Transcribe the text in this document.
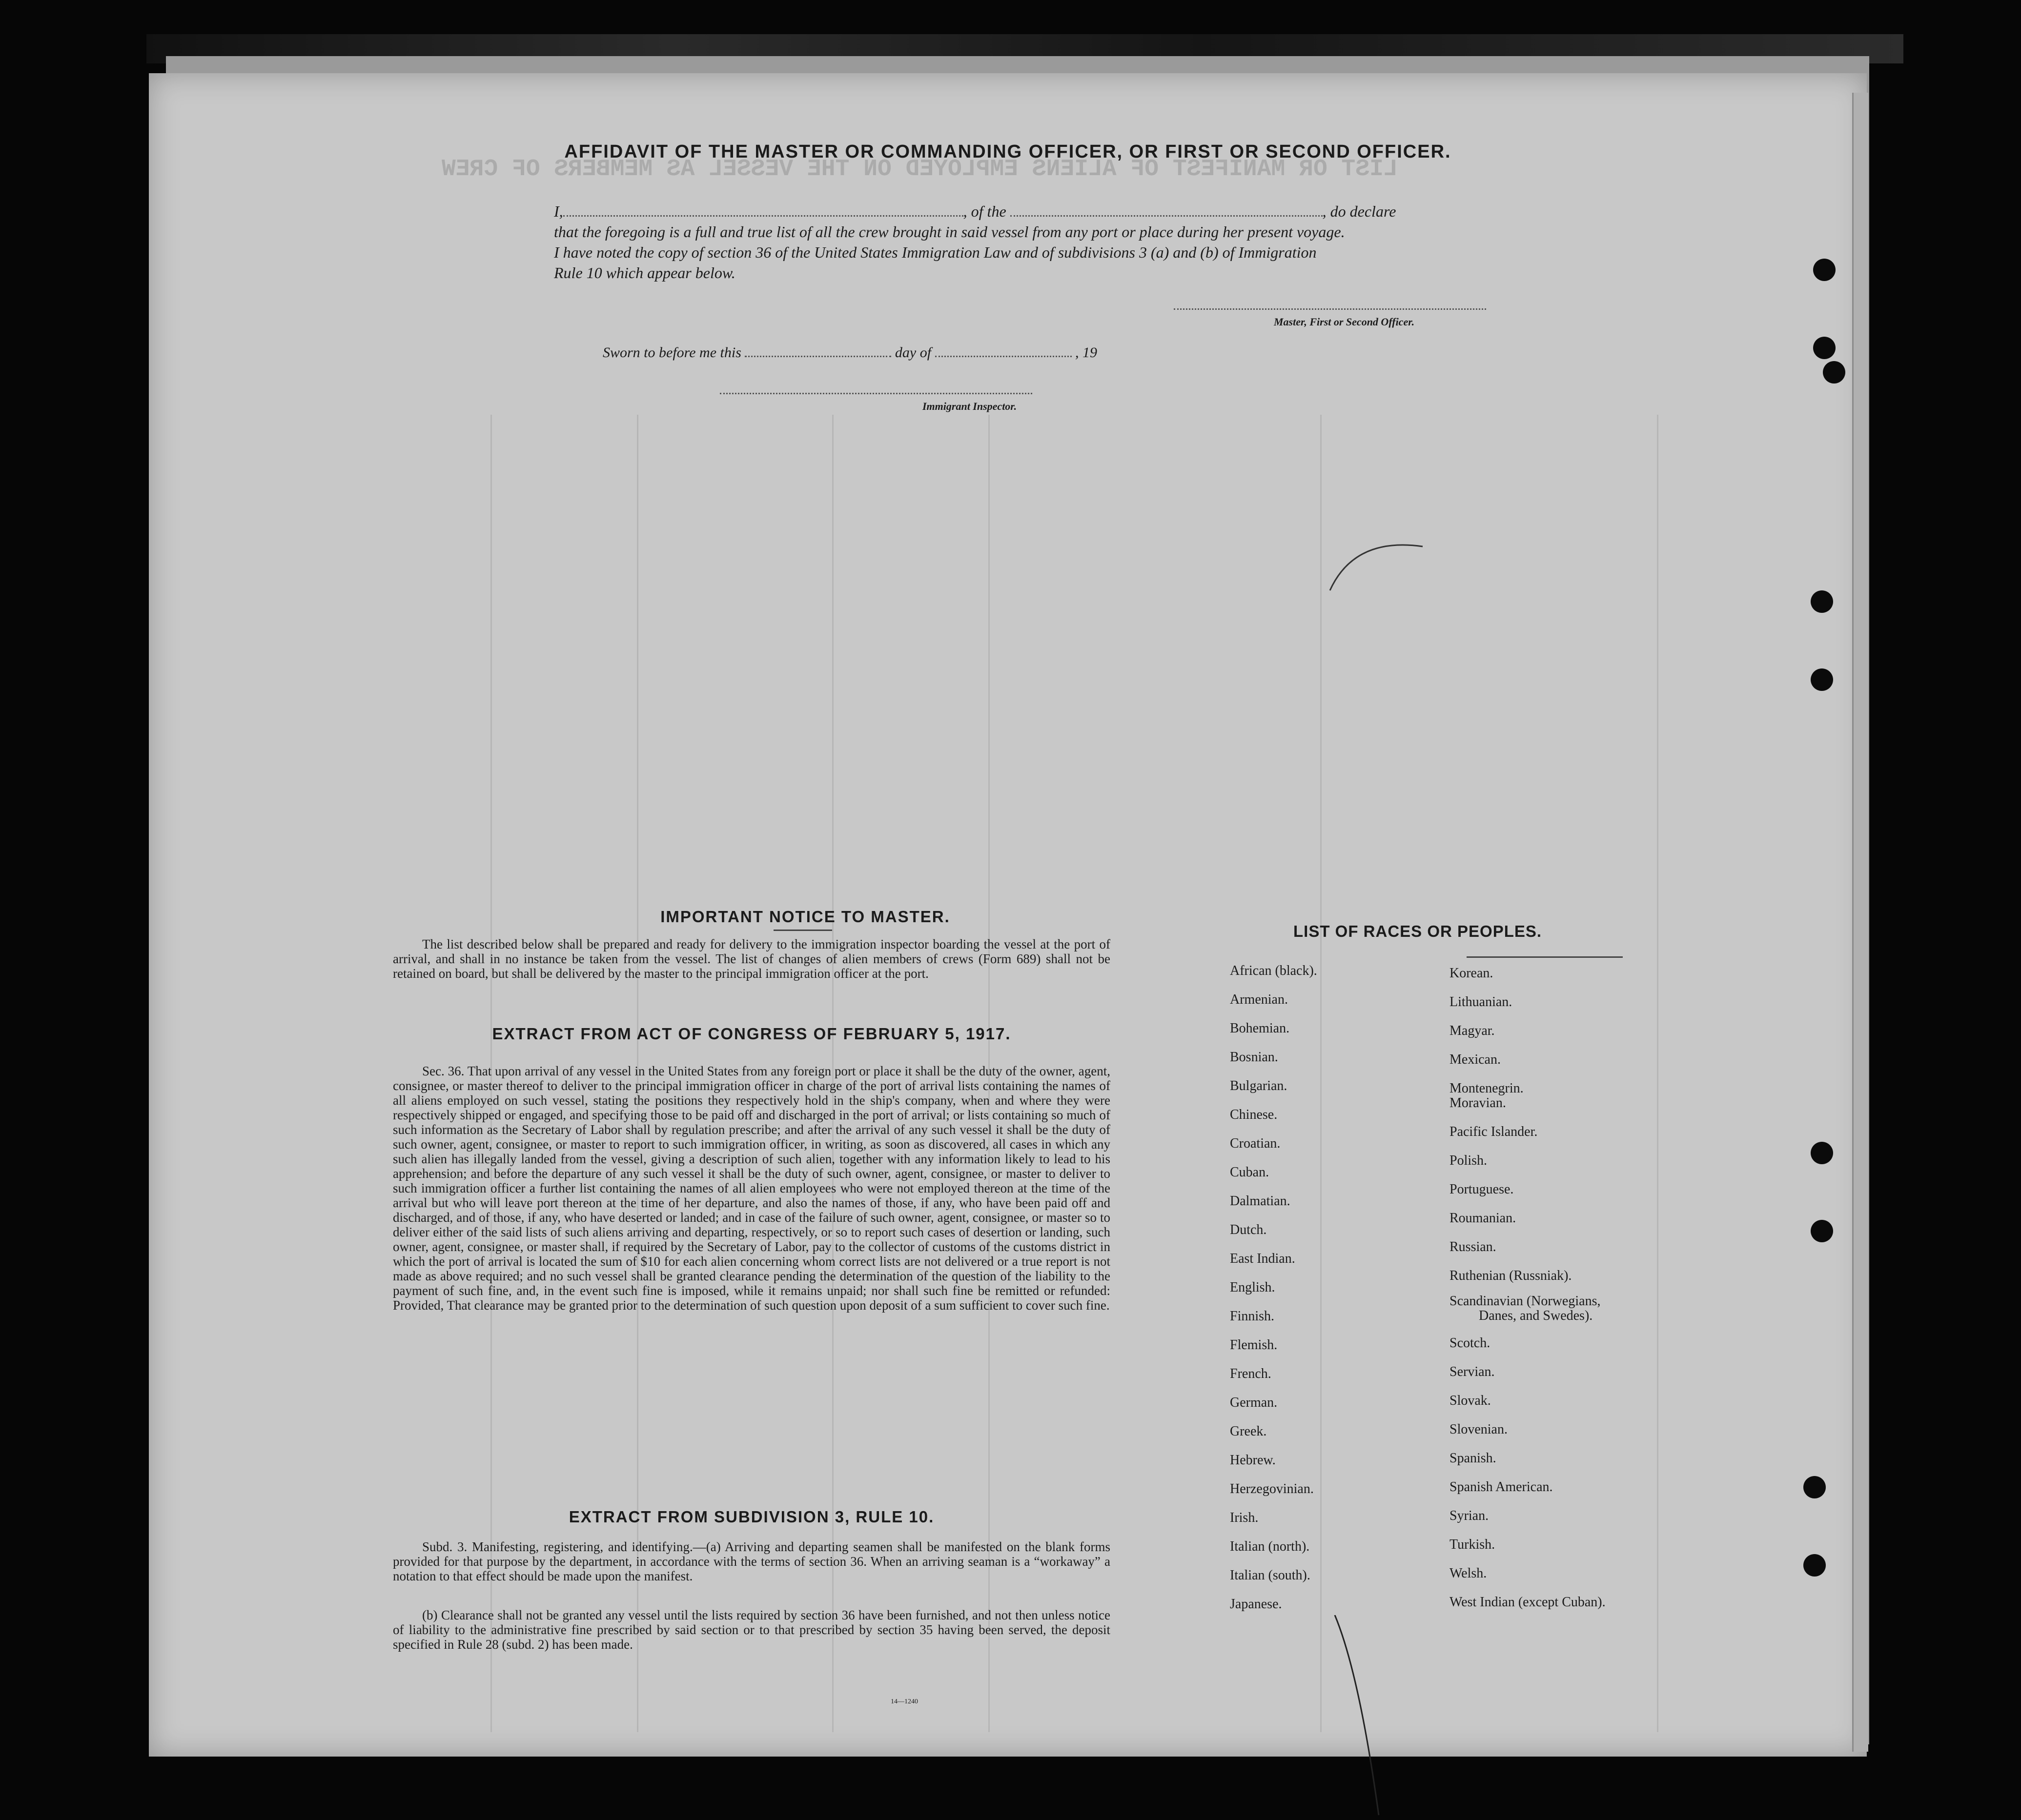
LIST OR MANIFEST OF ALIENS EMPLOYED ON THE VESSEL AS MEMBERS OF CREW
AFFIDAVIT OF THE MASTER OR COMMANDING OFFICER, OR FIRST OR SECOND OFFICER.
I,	, of the	, do declare
that the foregoing is a full and true list of all the crew brought in said vessel from any port or place during her present voyage.
I have noted the copy of section 36 of the United States Immigration Law and of subdivisions 3 (a) and (b) of Immigration
Rule 10 which appear below.
Master, First or Second Officer.
Sworn to before me this	day of	, 19
Immigrant Inspector.
IMPORTANT NOTICE TO MASTER.
The list described below shall be prepared and ready for delivery to the immigration inspector boarding the vessel at the port of arrival, and shall in no instance be taken from the vessel. The list of changes of alien members of crews (Form 689) shall not be retained on board, but shall be delivered by the master to the principal immigration officer at the port.
EXTRACT FROM ACT OF CONGRESS OF FEBRUARY 5, 1917.
Sec. 36. That upon arrival of any vessel in the United States from any foreign port or place it shall be the duty of the owner, agent, consignee, or master thereof to deliver to the principal immigration officer in charge of the port of arrival lists containing the names of all aliens employed on such vessel, stating the positions they respectively hold in the ship's company, when and where they were respectively shipped or engaged, and specifying those to be paid off and discharged in the port of arrival; or lists containing so much of such information as the Secretary of Labor shall by regulation prescribe; and after the arrival of any such vessel it shall be the duty of such owner, agent, consignee, or master to report to such immigration officer, in writing, as soon as discovered, all cases in which any such alien has illegally landed from the vessel, giving a description of such alien, together with any information likely to lead to his apprehension; and before the departure of any such vessel it shall be the duty of such owner, agent, consignee, or master to deliver to such immigration officer a further list containing the names of all alien employees who were not employed thereon at the time of the arrival but who will leave port thereon at the time of her departure, and also the names of those, if any, who have been paid off and discharged, and of those, if any, who have deserted or landed; and in case of the failure of such owner, agent, consignee, or master so to deliver either of the said lists of such aliens arriving and departing, respectively, or so to report such cases of desertion or landing, such owner, agent, consignee, or master shall, if required by the Secretary of Labor, pay to the collector of customs of the customs district in which the port of arrival is located the sum of $10 for each alien concerning whom correct lists are not delivered or a true report is not made as above required; and no such vessel shall be granted clearance pending the determination of the question of the liability to the payment of such fine, and, in the event such fine is imposed, while it remains unpaid; nor shall such fine be remitted or refunded: Provided, That clearance may be granted prior to the determination of such question upon deposit of a sum sufficient to cover such fine.
EXTRACT FROM SUBDIVISION 3, RULE 10.
Subd. 3. Manifesting, registering, and identifying.—(a) Arriving and departing seamen shall be manifested on the blank forms provided for that purpose by the department, in accordance with the terms of section 36. When an arriving seaman is a “workaway” a notation to that effect should be made upon the manifest.
(b) Clearance shall not be granted any vessel until the lists required by section 36 have been furnished, and not then unless notice of liability to the administrative fine prescribed by said section or to that prescribed by section 35 having been served, the deposit specified in Rule 28 (subd. 2) has been made.
14—1240
LIST OF RACES OR PEOPLES.
African (black).
Armenian.
Bohemian.
Bosnian.
Bulgarian.
Chinese.
Croatian.
Cuban.
Dalmatian.
Dutch.
East Indian.
English.
Finnish.
Flemish.
French.
German.
Greek.
Hebrew.
Herzegovinian.
Irish.
Italian (north).
Italian (south).
Japanese.
Korean.
Lithuanian.
Magyar.
Mexican.
Montenegrin.
Moravian.
Pacific Islander.
Polish.
Portuguese.
Roumanian.
Russian.
Ruthenian (Russniak).
Scandinavian (Norwegians,
Danes, and Swedes).
Scotch.
Servian.
Slovak.
Slovenian.
Spanish.
Spanish American.
Syrian.
Turkish.
Welsh.
West Indian (except Cuban).
